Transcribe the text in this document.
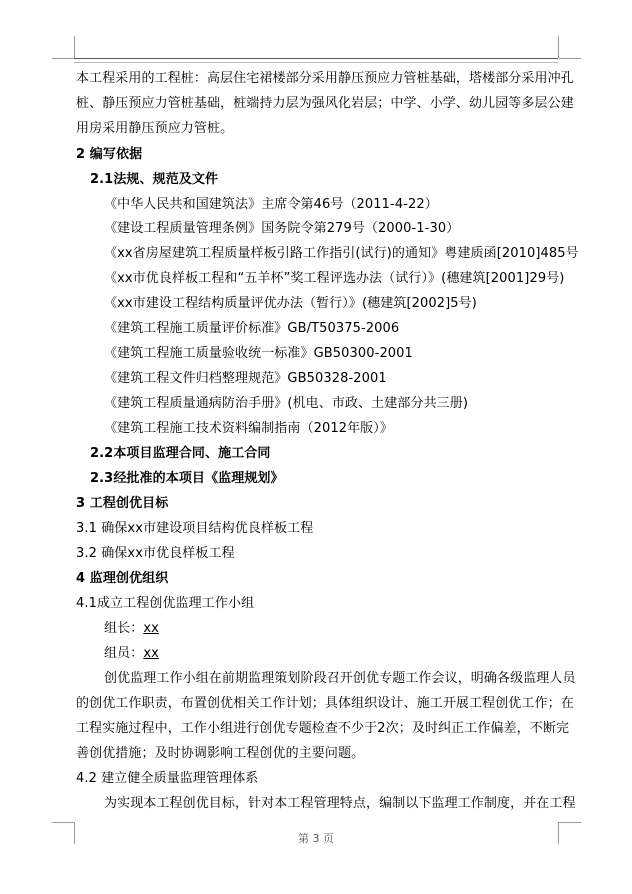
本工程采用的工程桩：高层住宅裙楼部分采用静压预应力管桩基础，塔楼部分采用冲孔
桩、静压预应力管桩基础，桩端持力层为强风化岩层；中学、小学、幼儿园等多层公建
用房采用静压预应力管桩。
2 编写依据
2.1法规、规范及文件
《中华人民共和国建筑法》主席令第46号（2011-4-22）
《建设工程质量管理条例》国务院令第279号（2000-1-30）
《xx省房屋建筑工程质量样板引路工作指引(试行)的通知》粤建质函[2010]485号
《xx市优良样板工程和“五羊杯”奖工程评选办法（试行）》(穗建筑[2001]29号)
《xx市建设工程结构质量评优办法（暂行）》(穗建筑[2002]5号)
《建筑工程施工质量评价标准》GB/T50375-2006
《建筑工程施工质量验收统一标准》GB50300-2001
《建筑工程文件归档整理规范》GB50328-2001
《建筑工程质量通病防治手册》(机电、市政、土建部分共三册)
《建筑工程施工技术资料编制指南（2012年版）》
2.2本项目监理合同、施工合同
2.3经批准的本项目《监理规划》
3 工程创优目标
3.1 确保xx市建设项目结构优良样板工程
3.2 确保xx市优良样板工程
4 监理创优组织
4.1成立工程创优监理工作小组
组长：xx
组员：xx
创优监理工作小组在前期监理策划阶段召开创优专题工作会议，明确各级监理人员
的创优工作职责，布置创优相关工作计划；具体组织设计、施工开展工程创优工作；在
工程实施过程中，工作小组进行创优专题检查不少于2次；及时纠正工作偏差，不断完
善创优措施；及时协调影响工程创优的主要问题。
4.2 建立健全质量监理管理体系
为实现本工程创优目标，针对本工程管理特点，编制以下监理工作制度，并在工程
第 3 页
